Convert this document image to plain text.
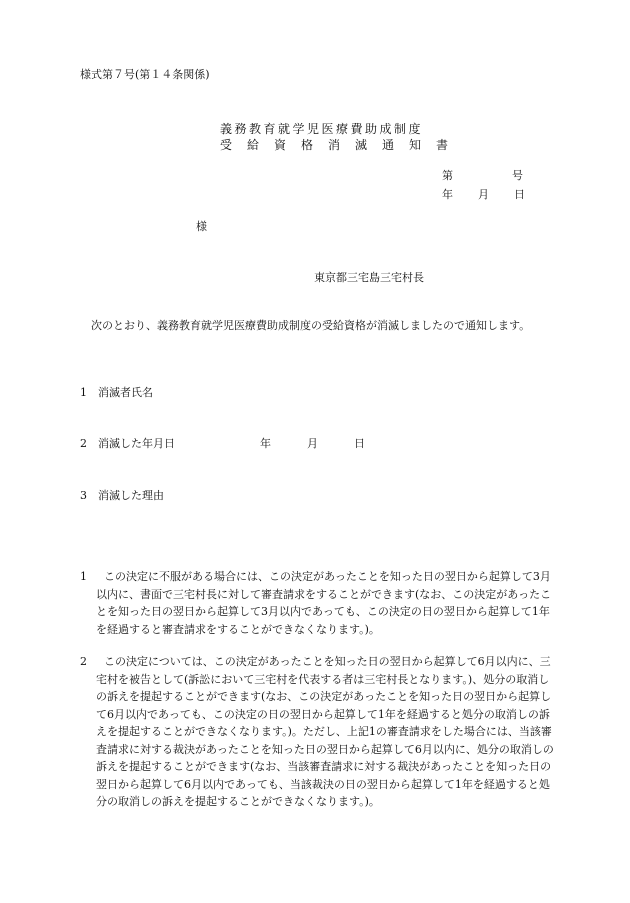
様式第７号(第１４条関係)
義務教育就学児医療費助成制度
受給資格消滅通知書
第	号
年 月 日
様
東京都三宅島三宅村長
次のとおり、義務教育就学児医療費助成制度の受給資格が消滅しましたので通知します。
1 消滅者氏名
2 消滅した年月日	年	月	日
3 消滅した理由
1	この決定に不服がある場合には、この決定があったことを知った日の翌日から起算して3月以内に、書面で三宅村長に対して審査請求をすることができます(なお、この決定があったことを知った日の翌日から起算して3月以内であっても、この決定の日の翌日から起算して1年を経過すると審査請求をすることができなくなります。)。
2	この決定については、この決定があったことを知った日の翌日から起算して6月以内に、三宅村を被告として(訴訟において三宅村を代表する者は三宅村長となります。)、処分の取消しの訴えを提起することができます(なお、この決定があったことを知った日の翌日から起算して6月以内であっても、この決定の日の翌日から起算して1年を経過すると処分の取消しの訴えを提起することができなくなります。)。ただし、上記1の審査請求をした場合には、当該審査請求に対する裁決があったことを知った日の翌日から起算して6月以内に、処分の取消しの訴えを提起することができます(なお、当該審査請求に対する裁決があったことを知った日の翌日から起算して6月以内であっても、当該裁決の日の翌日から起算して1年を経過すると処分の取消しの訴えを提起することができなくなります。)。
